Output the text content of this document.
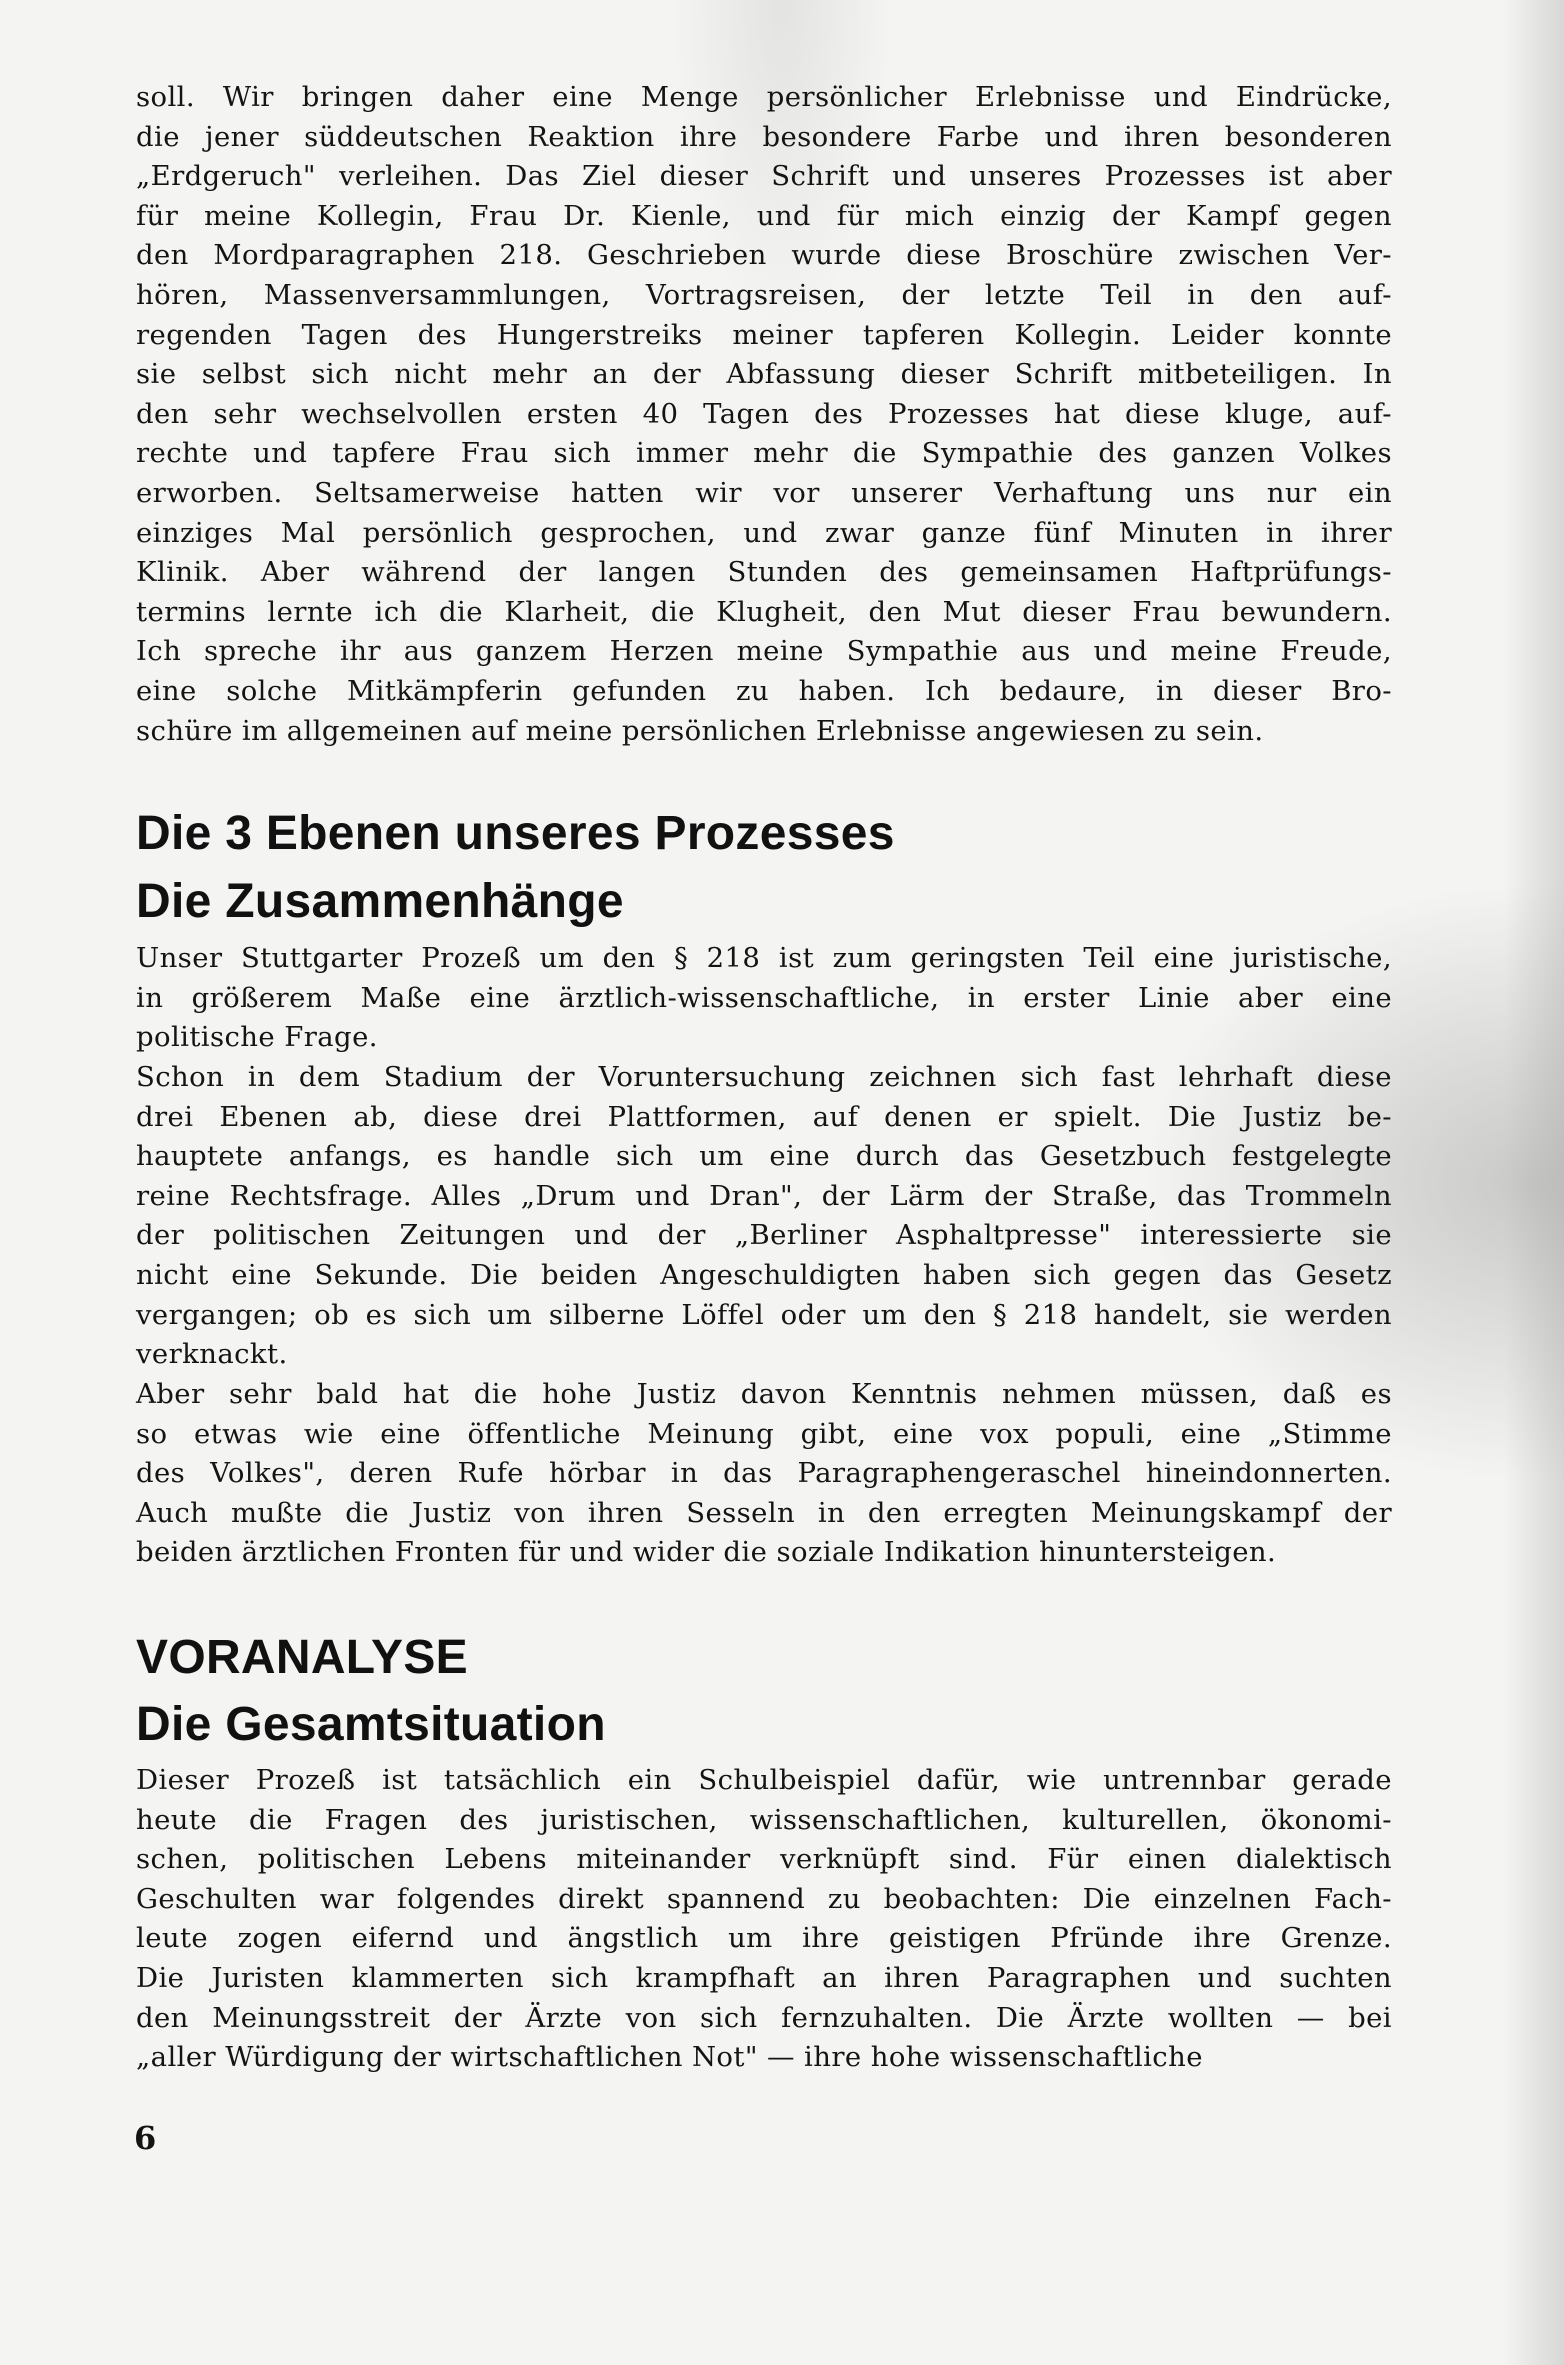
soll. Wir bringen daher eine Menge persönlicher Erlebnisse und Eindrücke,
die jener süddeutschen Reaktion ihre besondere Farbe und ihren besonderen
„Erdgeruch" verleihen. Das Ziel dieser Schrift und unseres Prozesses ist aber
für meine Kollegin, Frau Dr. Kienle, und für mich einzig der Kampf gegen
den Mordparagraphen 218. Geschrieben wurde diese Broschüre zwischen Ver-
hören, Massenversammlungen, Vortragsreisen, der letzte Teil in den auf-
regenden Tagen des Hungerstreiks meiner tapferen Kollegin. Leider konnte
sie selbst sich nicht mehr an der Abfassung dieser Schrift mitbeteiligen. In
den sehr wechselvollen ersten 40 Tagen des Prozesses hat diese kluge, auf-
rechte und tapfere Frau sich immer mehr die Sympathie des ganzen Volkes
erworben. Seltsamerweise hatten wir vor unserer Verhaftung uns nur ein
einziges Mal persönlich gesprochen, und zwar ganze fünf Minuten in ihrer
Klinik. Aber während der langen Stunden des gemeinsamen Haftprüfungs-
termins lernte ich die Klarheit, die Klugheit, den Mut dieser Frau bewundern.
Ich spreche ihr aus ganzem Herzen meine Sympathie aus und meine Freude,
eine solche Mitkämpferin gefunden zu haben. Ich bedaure, in dieser Bro-
schüre im allgemeinen auf meine persönlichen Erlebnisse angewiesen zu sein.
Die 3 Ebenen unseres Prozesses
Die Zusammenhänge
Unser Stuttgarter Prozeß um den § 218 ist zum geringsten Teil eine juristische,
in größerem Maße eine ärztlich-wissenschaftliche, in erster Linie aber eine
politische Frage.
Schon in dem Stadium der Voruntersuchung zeichnen sich fast lehrhaft diese
drei Ebenen ab, diese drei Plattformen, auf denen er spielt. Die Justiz be-
hauptete anfangs, es handle sich um eine durch das Gesetzbuch festgelegte
reine Rechtsfrage. Alles „Drum und Dran", der Lärm der Straße, das Trommeln
der politischen Zeitungen und der „Berliner Asphaltpresse" interessierte sie
nicht eine Sekunde. Die beiden Angeschuldigten haben sich gegen das Gesetz
vergangen; ob es sich um silberne Löffel oder um den § 218 handelt, sie werden
verknackt.
Aber sehr bald hat die hohe Justiz davon Kenntnis nehmen müssen, daß es
so etwas wie eine öffentliche Meinung gibt, eine vox populi, eine „Stimme
des Volkes", deren Rufe hörbar in das Paragraphengeraschel hineindonnerten.
Auch mußte die Justiz von ihren Sesseln in den erregten Meinungskampf der
beiden ärztlichen Fronten für und wider die soziale Indikation hinuntersteigen.
VORANALYSE
Die Gesamtsituation
Dieser Prozeß ist tatsächlich ein Schulbeispiel dafür, wie untrennbar gerade
heute die Fragen des juristischen, wissenschaftlichen, kulturellen, ökonomi-
schen, politischen Lebens miteinander verknüpft sind. Für einen dialektisch
Geschulten war folgendes direkt spannend zu beobachten: Die einzelnen Fach-
leute zogen eifernd und ängstlich um ihre geistigen Pfründe ihre Grenze.
Die Juristen klammerten sich krampfhaft an ihren Paragraphen und suchten
den Meinungsstreit der Ärzte von sich fernzuhalten. Die Ärzte wollten — bei
„aller Würdigung der wirtschaftlichen Not" — ihre hohe wissenschaftliche
6
